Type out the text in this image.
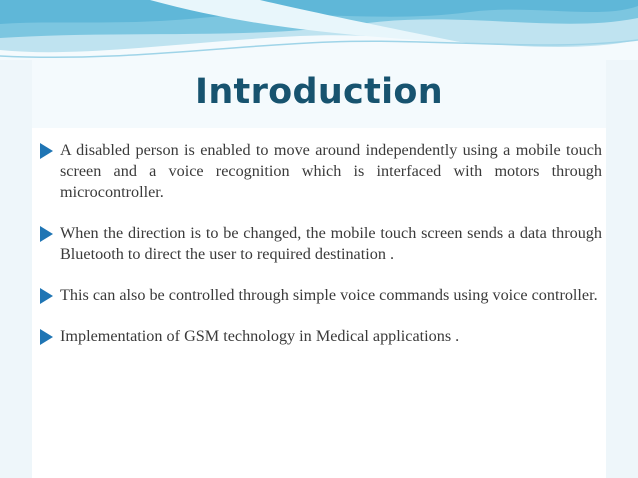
Introduction
A disabled person is enabled to move around independently using a mobile touch screen and a voice recognition which is interfaced with motors through microcontroller.
When the direction is to be changed, the mobile touch screen sends a data through Bluetooth to direct the user to required destination .
This can also be controlled through simple voice commands using voice controller.
Implementation of GSM technology in Medical applications .
